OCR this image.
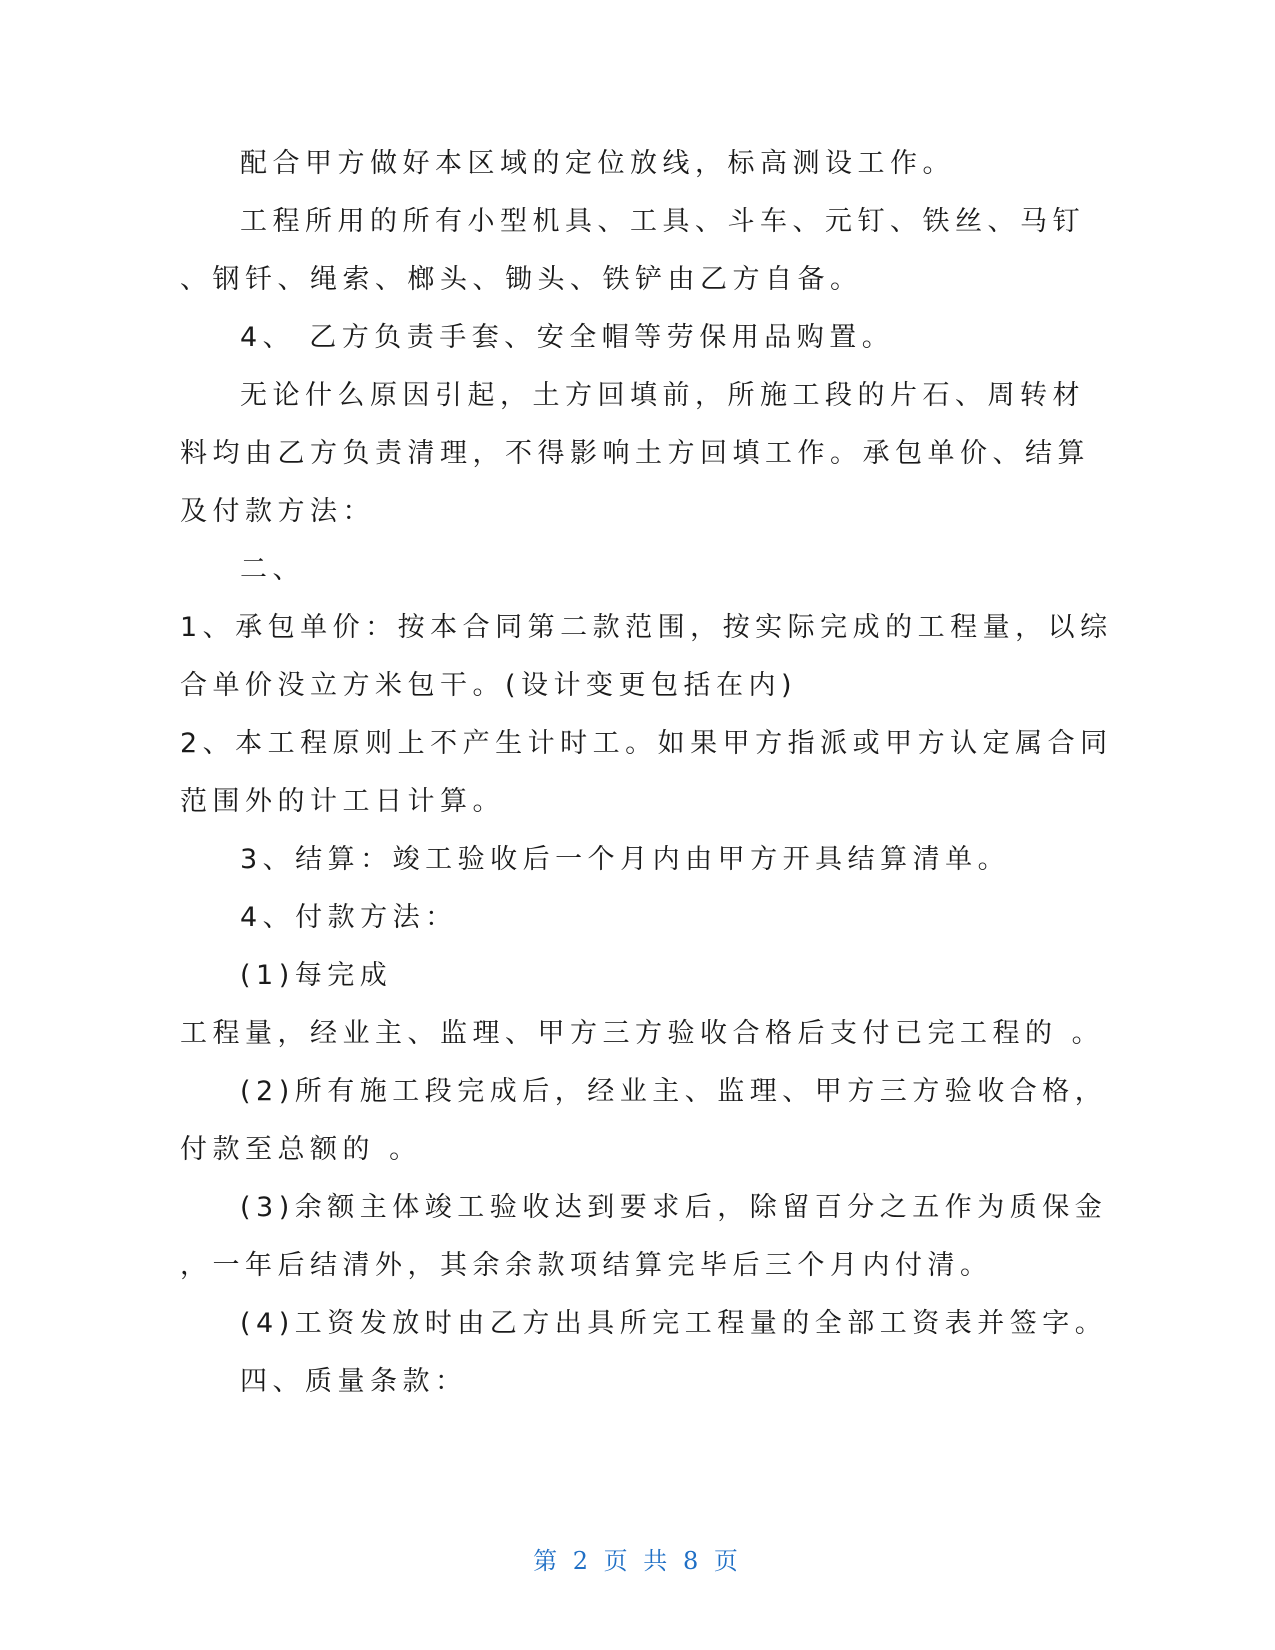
配合甲方做好本区域的定位放线，标高测设工作。
工程所用的所有小型机具、工具、斗车、元钉、铁丝、马钉
、钢钎、绳索、榔头、锄头、铁铲由乙方自备。
4、 乙方负责手套、安全帽等劳保用品购置。
无论什么原因引起，土方回填前，所施工段的片石、周转材
料均由乙方负责清理，不得影响土方回填工作。承包单价、结算
及付款方法：
二、
1、承包单价：按本合同第二款范围，按实际完成的工程量，以综
合单价没立方米包干。(设计变更包括在内)
2、本工程原则上不产生计时工。如果甲方指派或甲方认定属合同
范围外的计工日计算。
3、结算：竣工验收后一个月内由甲方开具结算清单。
4、付款方法：
(1)每完成
工程量，经业主、监理、甲方三方验收合格后支付已完工程的 。
(2)所有施工段完成后，经业主、监理、甲方三方验收合格，
付款至总额的 。
(3)余额主体竣工验收达到要求后，除留百分之五作为质保金
，一年后结清外，其余余款项结算完毕后三个月内付清。
(4)工资发放时由乙方出具所完工程量的全部工资表并签字。
四、质量条款：
第 2 页 共 8 页
